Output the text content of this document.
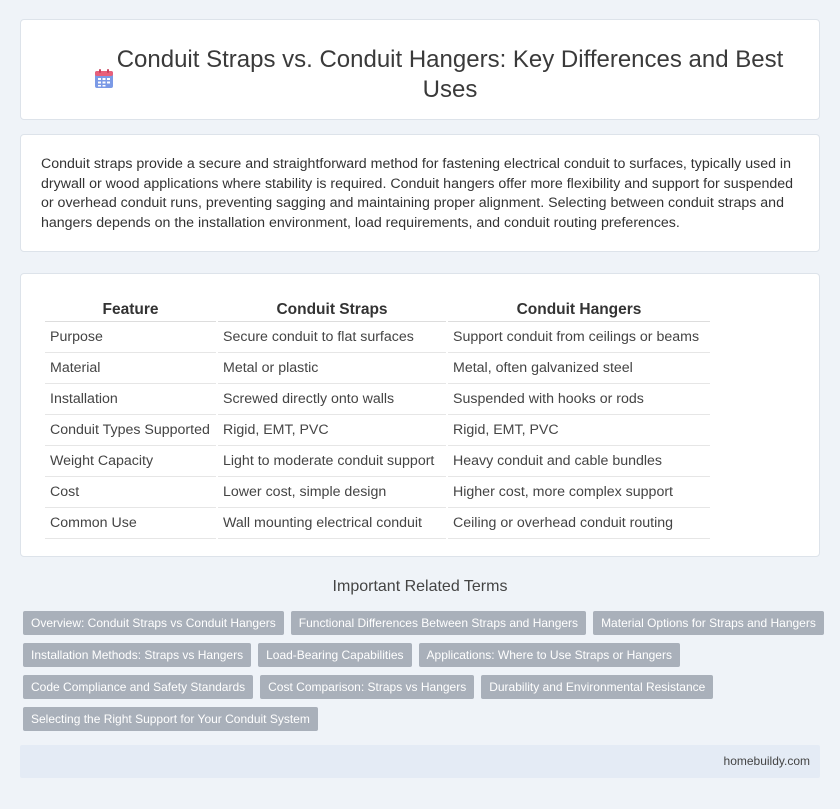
Conduit Straps vs. Conduit Hangers: Key Differences and Best Uses

Conduit straps provide a secure and straightforward method for fastening electrical conduit to surfaces, typically used in drywall or wood applications where stability is required. Conduit hangers offer more flexibility and support for suspended or overhead conduit runs, preventing sagging and maintaining proper alignment. Selecting between conduit straps and hangers depends on the installation environment, load requirements, and conduit routing preferences.

Feature	Conduit Straps	Conduit Hangers
Purpose	Secure conduit to flat surfaces	Support conduit from ceilings or beams
Material	Metal or plastic	Metal, often galvanized steel
Installation	Screwed directly onto walls	Suspended with hooks or rods
Conduit Types Supported	Rigid, EMT, PVC	Rigid, EMT, PVC
Weight Capacity	Light to moderate conduit support	Heavy conduit and cable bundles
Cost	Lower cost, simple design	Higher cost, more complex support
Common Use	Wall mounting electrical conduit	Ceiling or overhead conduit routing
Important Related Terms
Overview: Conduit Straps vs Conduit Hangers	Functional Differences Between Straps and Hangers	Material Options for Straps and Hangers
Installation Methods: Straps vs Hangers	Load-Bearing Capabilities	Applications: Where to Use Straps or Hangers
Code Compliance and Safety Standards	Cost Comparison: Straps vs Hangers	Durability and Environmental Resistance
Selecting the Right Support for Your Conduit System
homebuildy.com
